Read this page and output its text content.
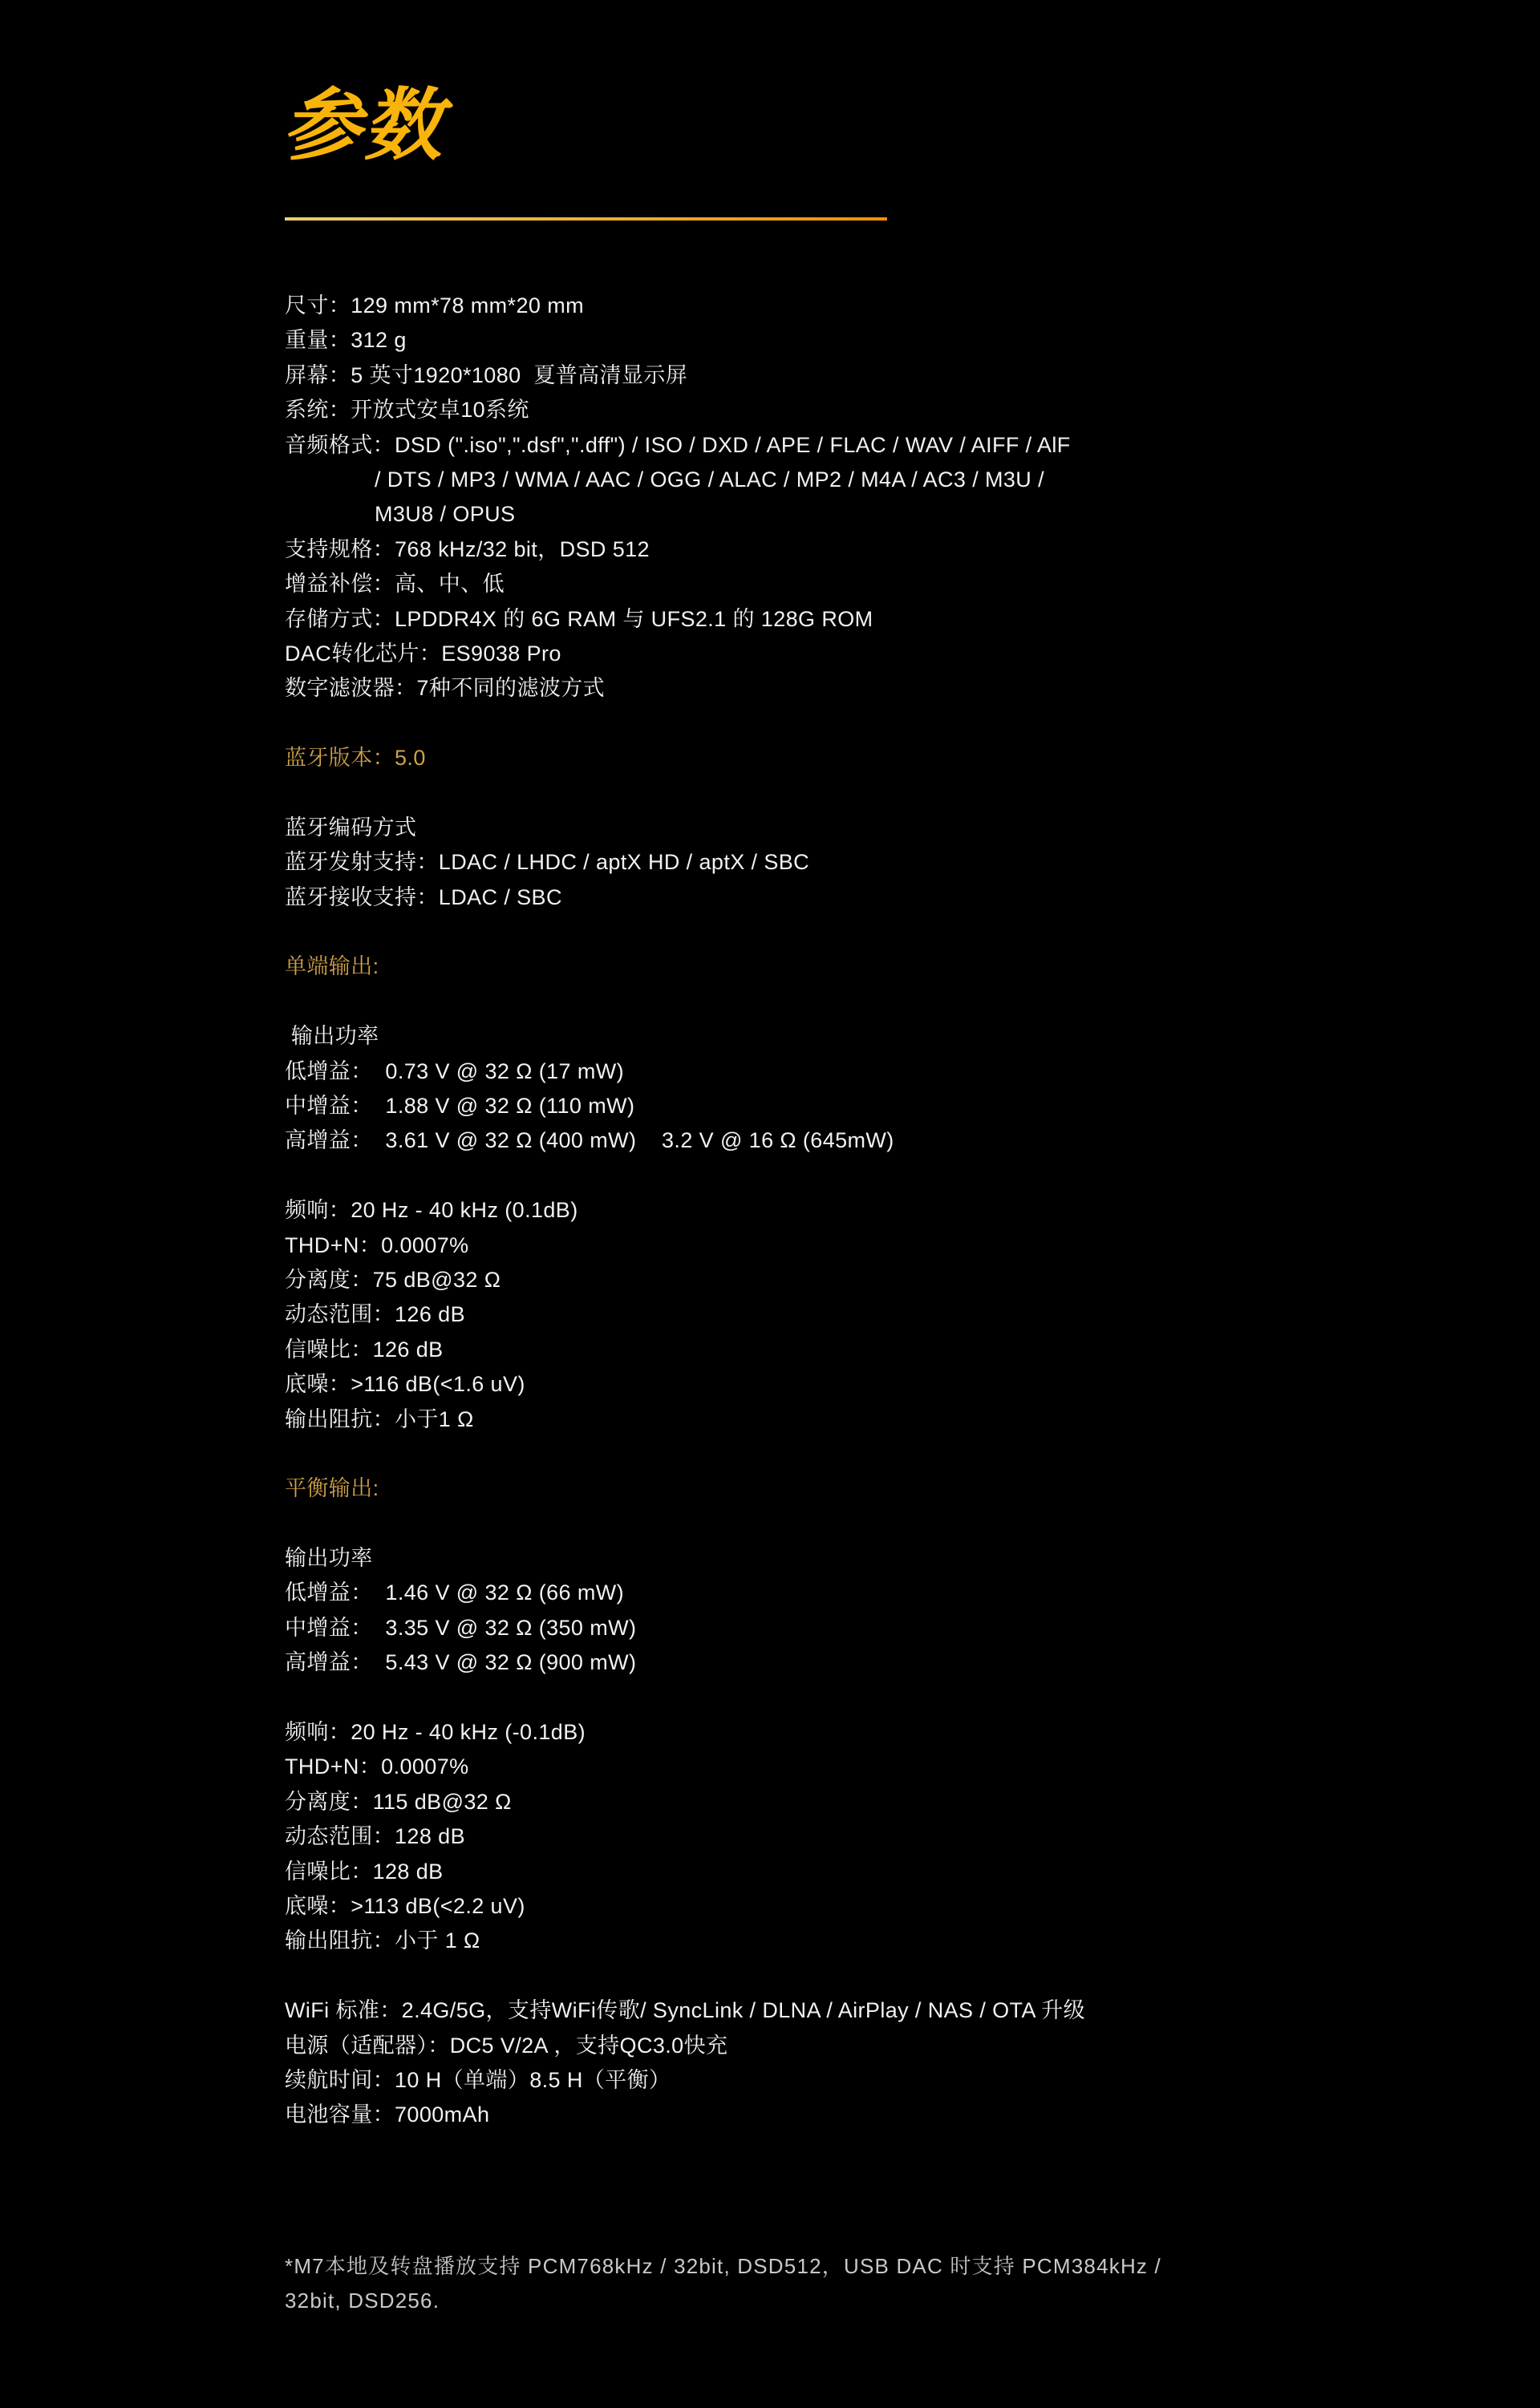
参数
尺寸：129 mm*78 mm*20 mm
重量：312 g
屏幕：5 英寸1920*1080  夏普高清显示屏
系统：开放式安卓10系统
音频格式：DSD (".iso",".dsf",".dff") / ISO / DXD / APE / FLAC / WAV / AIFF / AlF
/ DTS / MP3 / WMA / AAC / OGG / ALAC / MP2 / M4A / AC3 / M3U /
M3U8 / OPUS
支持规格：768 kHz/32 bit，DSD 512
增益补偿：高、中、低
存储方式：LPDDR4X 的 6G RAM 与 UFS2.1 的 128G ROM
DAC转化芯片：ES9038 Pro
数字滤波器：7种不同的滤波方式
蓝牙版本：5.0
蓝牙编码方式
蓝牙发射支持：LDAC / LHDC / aptX HD / aptX / SBC
蓝牙接收支持：LDAC / SBC
单端输出:
输出功率
低增益：  0.73 V @ 32 Ω (17 mW)
中增益：  1.88 V @ 32 Ω (110 mW)
高增益：  3.61 V @ 32 Ω (400 mW)    3.2 V @ 16 Ω (645mW)
频响：20 Hz - 40 kHz (0.1dB)
THD+N：0.0007%
分离度：75 dB@32 Ω
动态范围：126 dB
信噪比：126 dB
底噪：>116 dB(<1.6 uV)
输出阻抗：小于1 Ω
平衡输出:
输出功率
低增益：  1.46 V @ 32 Ω (66 mW)
中增益：  3.35 V @ 32 Ω (350 mW)
高增益：  5.43 V @ 32 Ω (900 mW)
频响：20 Hz - 40 kHz (-0.1dB)
THD+N：0.0007%
分离度：115 dB@32 Ω
动态范围：128 dB
信噪比：128 dB
底噪：>113 dB(<2.2 uV)
输出阻抗：小于 1 Ω
WiFi 标准：2.4G/5G，支持WiFi传歌/ SyncLink / DLNA / AirPlay / NAS / OTA 升级
电源（适配器）：DC5 V/2A ，支持QC3.0快充
续航时间：10 H（单端）8.5 H（平衡）
电池容量：7000mAh
*M7本地及转盘播放支持 PCM768kHz / 32bit, DSD512，USB DAC 时支持 PCM384kHz /
32bit, DSD256.
